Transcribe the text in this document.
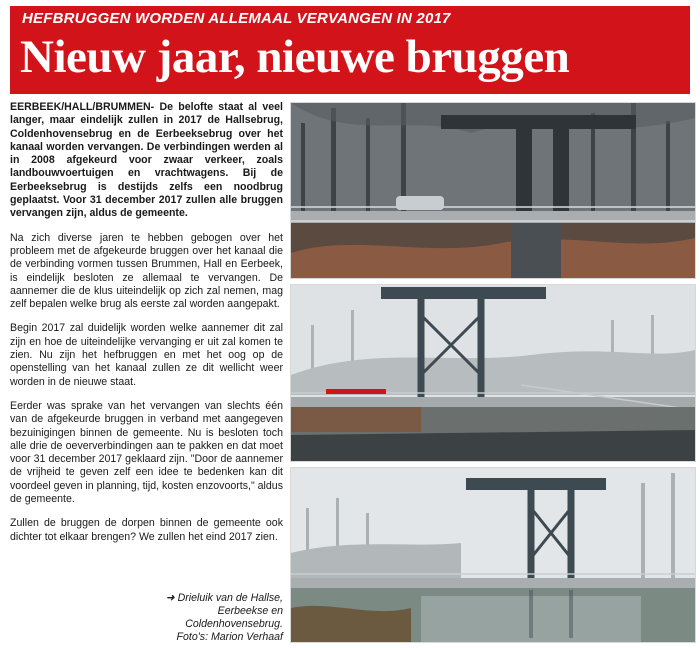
HEFBRUGGEN WORDEN ALLEMAAL VERVANGEN IN 2017
Nieuw jaar, nieuwe bruggen

EERBEEK/HALL/BRUMMEN- De belofte staat al veel langer, maar eindelijk zullen in 2017 de Hallsebrug, Coldenhovensebrug en de Eerbeeksebrug over het kanaal worden vervangen. De verbindingen werden al in 2008 afgekeurd voor zwaar verkeer, zoals landbouwvoertuigen en vrachtwagens. Bij de Eerbeeksebrug is destijds zelfs een noodbrug geplaatst. Voor 31 december 2017 zullen alle bruggen vervangen zijn, aldus de gemeente.

Na zich diverse jaren te hebben gebogen over het probleem met de afgekeurde bruggen over het kanaal die de verbinding vormen tussen Brummen, Hall en Eerbeek, is eindelijk besloten ze allemaal te vervangen. De aannemer die de klus uiteindelijk op zich zal nemen, mag zelf bepalen welke brug als eerste zal worden aangepakt.

Begin 2017 zal duidelijk worden welke aannemer dit zal zijn en hoe de uiteindelijke vervanging er uit zal komen te zien. Nu zijn het hefbruggen en met het oog op de openstelling van het kanaal zullen ze dit wellicht weer worden in de nieuwe staat.

Eerder was sprake van het vervangen van slechts één van de afgekeurde bruggen in verband met aangegeven bezuinigingen binnen de gemeente. Nu is besloten toch alle drie de oeververbindingen aan te pakken en dat moet voor 31 december 2017 geklaard zijn. "Door de aannemer de vrijheid te geven zelf een idee te bedenken kan dit voordeel geven in planning, tijd, kosten enzovoorts," aldus de gemeente.

Zullen de bruggen de dorpen binnen de gemeente ook dichter tot elkaar brengen? We zullen het eind 2017 zien.

➜ Drieluik van de Hallse,
Eerbeekse en
Coldenhovensebrug.
Foto's: Marion Verhaaf
